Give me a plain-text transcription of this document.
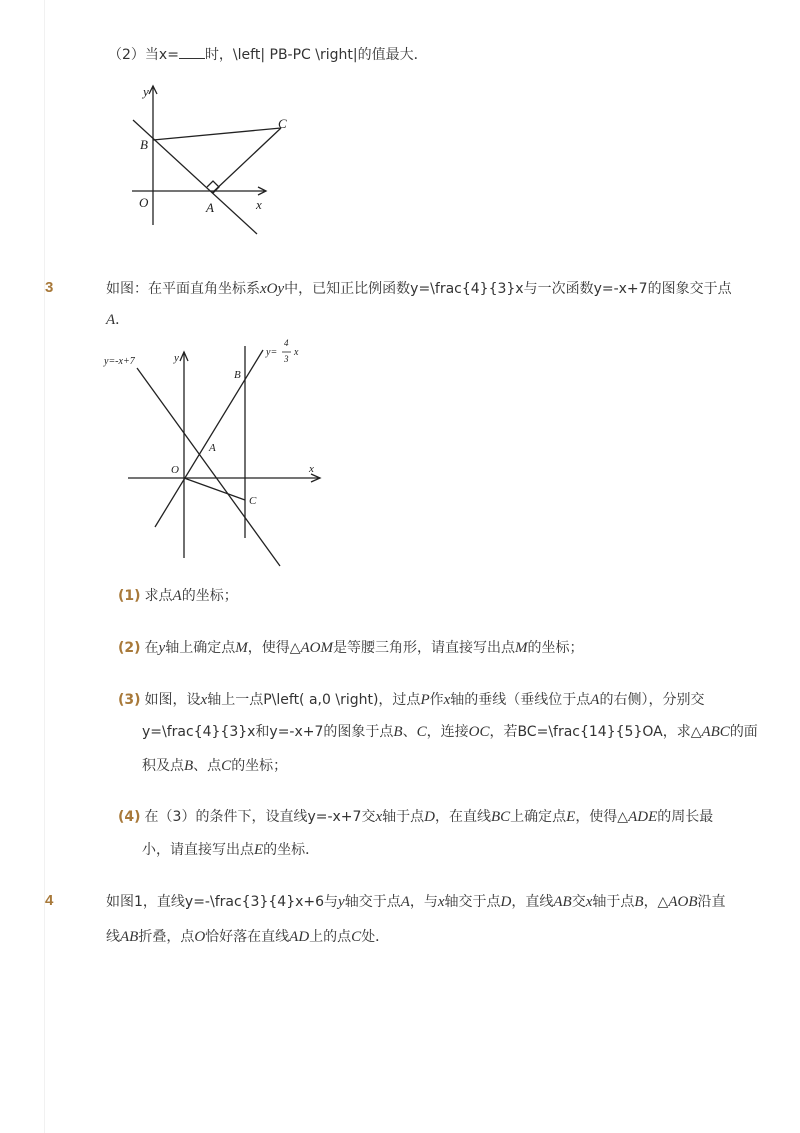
（2）当x= 时，\left| PB-PC \right|的值最大．
y
x
O	A
B
C
3	如图：在平面直角坐标系xOy中，已知正比例函数y=\frac{4}{3}x与一次函数y=-x+7的图象交于点
A．
y=-x+7
y=
4
3
x
y
x
O
A
B
C
(1) 求点A的坐标；
(2) 在y轴上确定点M，使得△AOM是等腰三角形，请直接写出点M的坐标；
(3) 如图，设x轴上一点P\left( a,0 \right)，过点P作x轴的垂线（垂线位于点A的右侧），分别交
y=\frac{4}{3}x和y=-x+7的图象于点B、C，连接OC，若BC=\frac{14}{5}OA，求△ABC的面
积及点B、点C的坐标；
(4) 在（3）的条件下，设直线y=-x+7交x轴于点D，在直线BC上确定点E，使得△ADE的周长最
小，请直接写出点E的坐标．
4	如图1，直线y=-\frac{3}{4}x+6与y轴交于点A，与x轴交于点D，直线AB交x轴于点B，△AOB沿直
线AB折叠，点O恰好落在直线AD上的点C处．
